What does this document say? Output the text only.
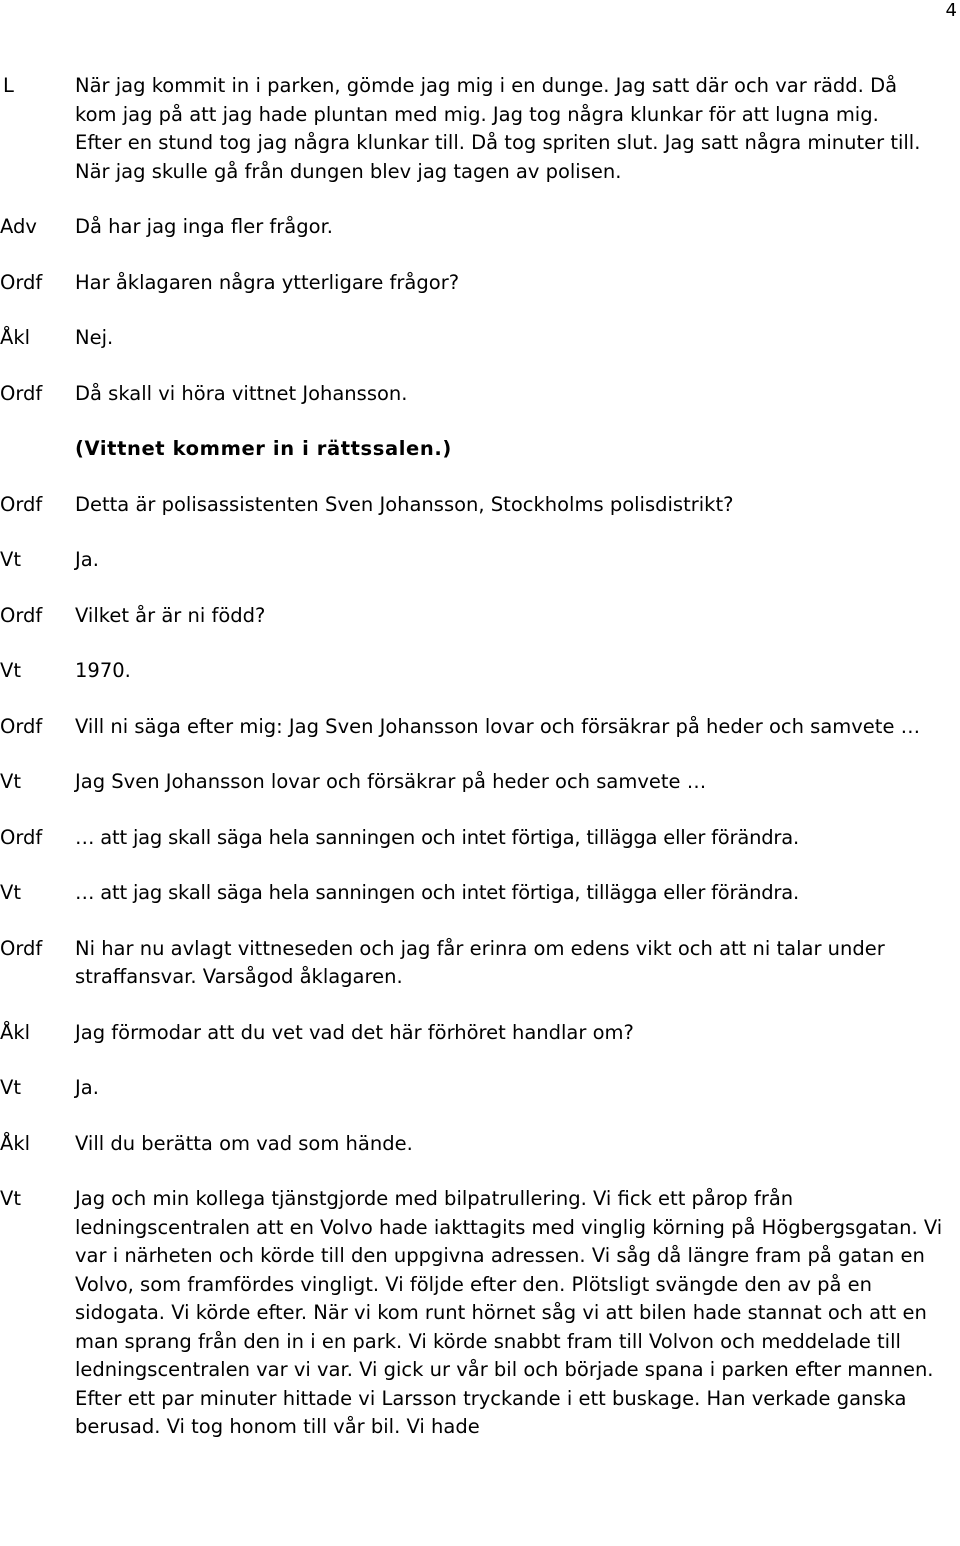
4
L	När jag kommit in i parken, gömde jag mig i en dunge. Jag satt där och var rädd. Då kom jag på att jag hade pluntan med mig. Jag tog några klunkar för att lugna mig. Efter en stund tog jag några klunkar till. Då tog spriten slut. Jag satt några minuter till. När jag skulle gå från dungen blev jag tagen av polisen.
Adv Då har jag inga fler frågor.
Ordf Har åklagaren några ytterligare frågor?
Åkl Nej.
Ordf Då skall vi höra vittnet Johansson.
(Vittnet kommer in i rättssalen.)
Ordf Detta är polisassistenten Sven Johansson, Stockholms polisdistrikt?
Vt	Ja.
Ordf Vilket år är ni född?
Vt	1970.
Ordf Vill ni säga efter mig: Jag Sven Johansson lovar och försäkrar på heder och samvete …
Vt	Jag Sven Johansson lovar och försäkrar på heder och samvete …
Ordf … att jag skall säga hela sanningen och intet förtiga, tillägga eller förändra.
Vt	… att jag skall säga hela sanningen och intet förtiga, tillägga eller förändra.
Ordf Ni har nu avlagt vittneseden och jag får erinra om edens vikt och att ni talar under straffansvar. Varsågod åklagaren.
Åkl Jag förmodar att du vet vad det här förhöret handlar om?
Vt	Ja.
Åkl Vill du berätta om vad som hände.
Vt	Jag och min kollega tjänstgjorde med bilpatrullering. Vi fick ett pårop från ledningscentralen att en Volvo hade iakttagits med vinglig körning på Högbergsgatan. Vi var i närheten och körde till den uppgivna adressen. Vi såg då längre fram på gatan en Volvo, som framfördes vingligt. Vi följde efter den. Plötsligt svängde den av på en sidogata. Vi körde efter. När vi kom runt hörnet såg vi att bilen hade stannat och att en man sprang från den in i en park. Vi körde snabbt fram till Volvon och meddelade till ledningscentralen var vi var. Vi gick ur vår bil och började spana i parken efter mannen. Efter ett par minuter hittade vi Larsson tryckande i ett buskage. Han verkade ganska berusad. Vi tog honom till vår bil. Vi hade
